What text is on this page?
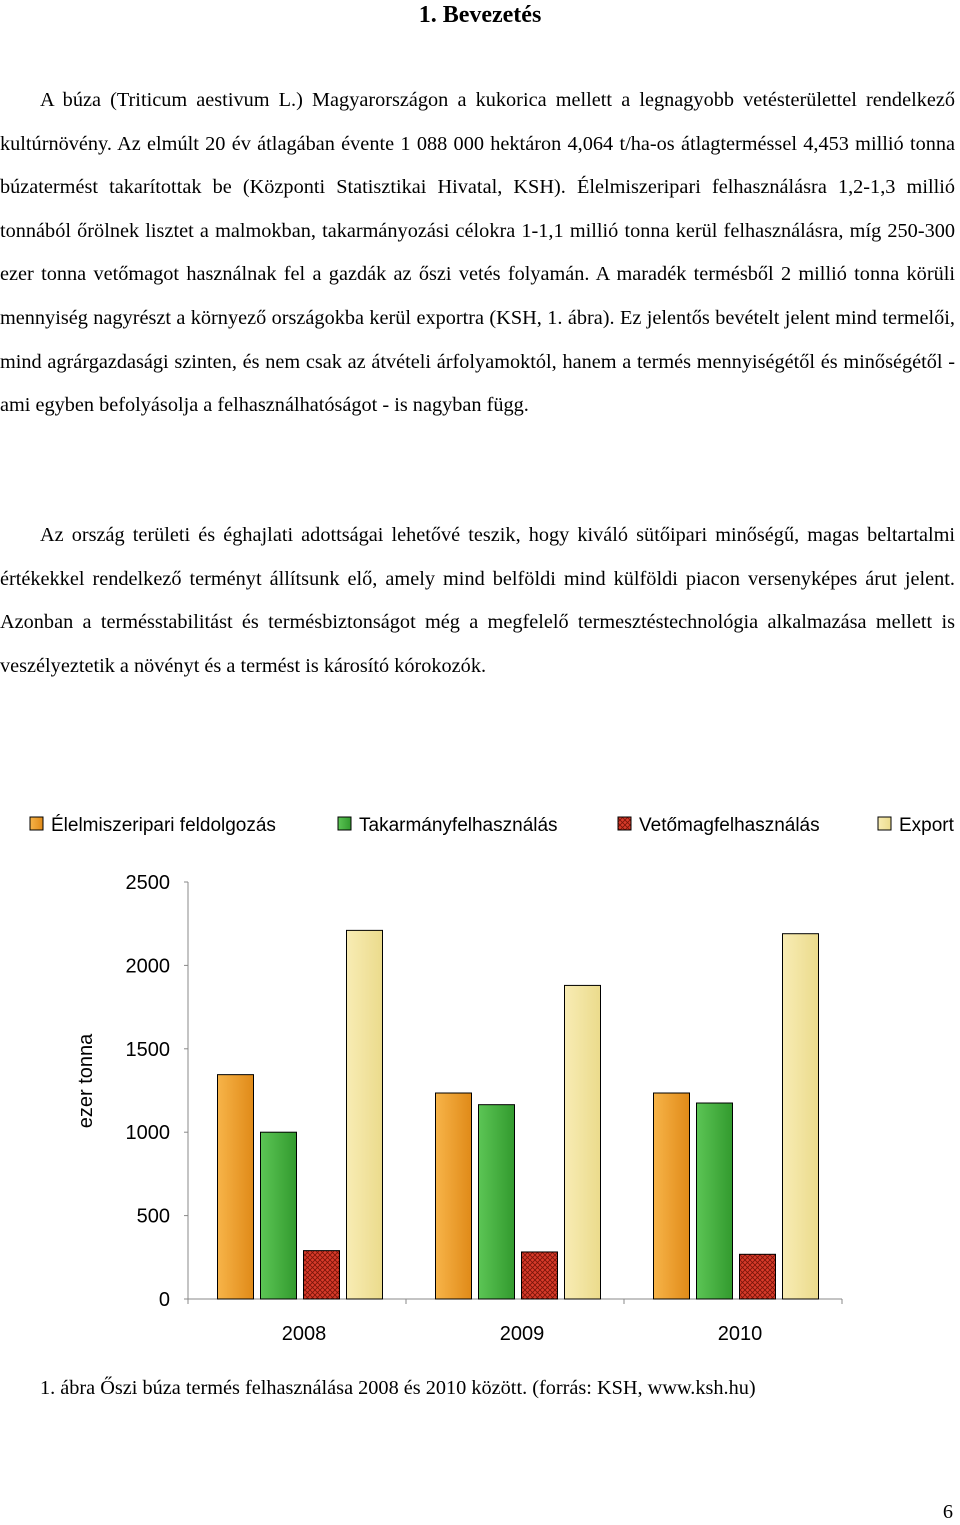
1. Bevezetés

A búza (Triticum aestivum L.) Magyarországon a kukorica mellett a legnagyobb vetésterülettel rendelkező kultúrnövény. Az elmúlt 20 év átlagában évente 1 088 000 hektáron 4,064 t/ha-os átlagterméssel 4,453 millió tonna búzatermést takarítottak be (Központi Statisztikai Hivatal, KSH). Élelmiszeripari felhasználásra 1,2-1,3 millió tonnából őrölnek lisztet a malmokban, takarmányozási célokra 1-1,1 millió tonna kerül felhasználásra, míg 250-300 ezer tonna vetőmagot használnak fel a gazdák az őszi vetés folyamán. A maradék termésből 2 millió tonna körüli mennyiség nagyrészt a környező országokba kerül exportra (KSH, 1. ábra). Ez jelentős bevételt jelent mind termelői, mind agrárgazdasági szinten, és nem csak az átvételi árfolyamoktól, hanem a termés mennyiségétől és minőségétől - ami egyben befolyásolja a felhasználhatóságot - is nagyban függ.

Az ország területi és éghajlati adottságai lehetővé teszik, hogy kiváló sütőipari minőségű, magas beltartalmi értékekkel rendelkező terményt állítsunk elő, amely mind belföldi mind külföldi piacon versenyképes árut jelent. Azonban a termésstabilitást és termésbiztonságot még a megfelelő termesztéstechnológia alkalmazása mellett is veszélyeztetik a növényt és a termést is károsító kórokozók.

Élelmiszeripari feldolgozás	Takarmányfelhasználás	Vetőmagfelhasználás	Export
ezer tonna
0
500
1000
1500
2000
2500
2008	2009	2010
1. ábra Őszi búza termés felhasználása 2008 és 2010 között. (forrás: KSH, www.ksh.hu)
6
